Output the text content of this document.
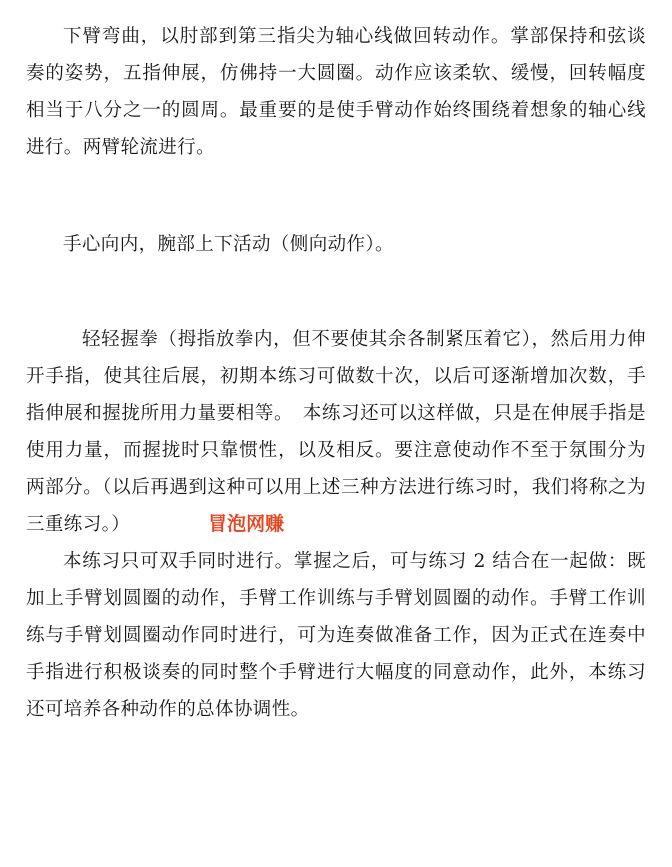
下臂弯曲，以肘部到第三指尖为轴心线做回转动作。掌部保持和弦谈奏的姿势，五指伸展，仿佛持一大圆圈。动作应该柔软、缓慢，回转幅度相当于八分之一的圆周。最重要的是使手臂动作始终围绕着想象的轴心线进行。两臂轮流进行。

手心向内，腕部上下活动（侧向动作）。

轻轻握拳（拇指放拳内，但不要使其余各制紧压着它），然后用力伸开手指，使其往后展，初期本练习可做数十次，以后可逐渐增加次数，手指伸展和握拢所用力量要相等。　本练习还可以这样做，只是在伸展手指是使用力量，而握拢时只靠惯性，以及相反。要注意使动作不至于氛围分为两部分。（以后再遇到这种可以用上述三种方法进行练习时，我们将称之为三重练习。）	冒泡网赚

本练习只可双手同时进行。掌握之后，可与练习 2 结合在一起做：既加上手臂划圆圈的动作，手臂工作训练与手臂划圆圈的动作。手臂工作训练与手臂划圆圈动作同时进行，可为连奏做准备工作，因为正式在连奏中手指进行积极谈奏的同时整个手臂进行大幅度的同意动作，此外，本练习还可培养各种动作的总体协调性。
